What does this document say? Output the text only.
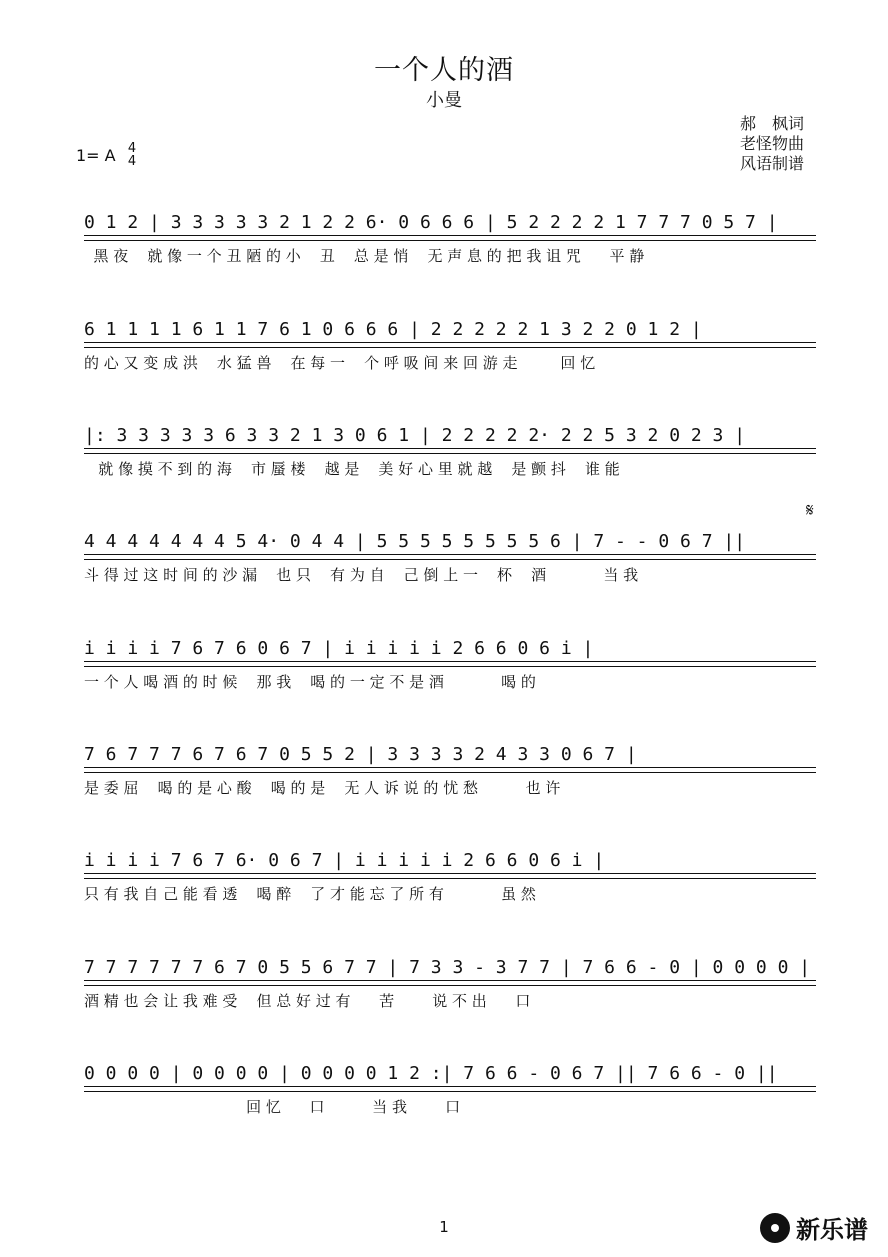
一个人的酒
小曼
郝　枫词
老怪物曲
风语制谱
1= A 4
4
𝄋
0 1 2 | 3 3 3 3 3 2 1 2 2 6· 0 6 6 6 | 5 2 2 2 2 1 7 7 7 0 5 7 |
黑 夜    就 像 一 个 丑 陋 的 小    丑    总 是 悄    无 声 息 的 把 我 诅 咒      平 静
6 1 1 1 1 6 1 1 7 6 1 0 6 6 6 | 2 2 2 2 2 1 3 2 2 0 1 2 |
的 心 又 变 成 洪    水 猛 兽    在 每 一    个 呼 吸 间 来 回 游 走         回 忆
|: 3 3 3 3 3 6 3 3 2 1 3 0 6 1 | 2 2 2 2 2· 2 2 5 3 2 0 2 3 |
就 像 摸 不 到 的 海    市 蜃 楼    越 是    美 好 心 里 就 越    是 颤 抖    谁 能
4 4 4 4 4 4 4 5 4· 0 4 4 | 5 5 5 5 5 5 5 5 6 | 7 - - 0 6 7 ||
斗 得 过 这 时 间 的 沙 漏    也 只    有 为 自    己 倒 上 一    杯    酒            当 我
i i i i 7 6 7 6 0 6 7 | i i i i i 2 6 6 0 6 i |
一 个 人 喝 酒 的 时 候    那 我    喝 的 一 定 不 是 酒            喝 的
7 6 7 7 7 6 7 6 7 0 5 5 2 | 3 3 3 3 2 4 3 3 0 6 7 |
是 委 屈    喝 的 是 心 酸    喝 的 是    无 人 诉 说 的 忧 愁          也 许
i i i i 7 6 7 6· 0 6 7 | i i i i i 2 6 6 0 6 i |
只 有 我 自 己 能 看 透    喝 醉    了 才 能 忘 了 所 有            虽 然
7 7 7 7 7 7 6 7 0 5 5 6 7 7 | 7 3 3 - 3 7 7 | 7 6 6 - 0 | 0 0 0 0 |
酒 精 也 会 让 我 难 受    但 总 好 过 有      苦        说 不 出      口
0 0 0 0 | 0 0 0 0 | 0 0 0 0 1 2 :| 7 6 6 - 0 6 7 || 7 6 6 - 0 ||
回 忆      口          当 我        口
1	新乐谱
